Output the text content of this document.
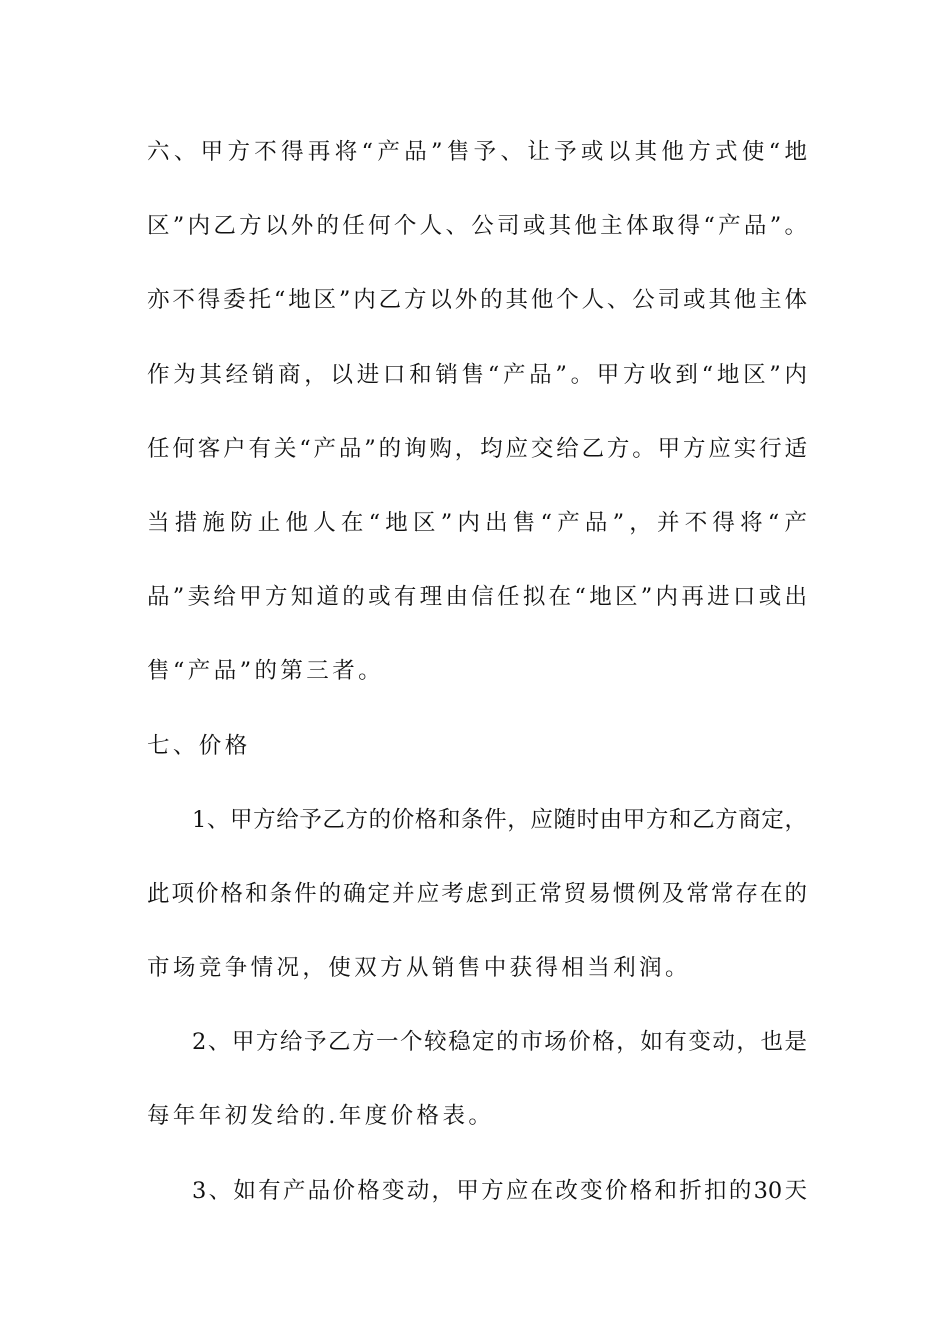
六、甲方不得再将“产品”售予、让予或以其他方式使“地
区”内乙方以外的任何个人、公司或其他主体取得“产品”。
亦不得委托“地区”内乙方以外的其他个人、公司或其他主体
作为其经销商，以进口和销售“产品”。甲方收到“地区”内
任何客户有关“产品”的询购，均应交给乙方。甲方应实行适
当措施防止他人在“地区”内出售“产品”，并不得将“产
品”卖给甲方知道的或有理由信任拟在“地区”内再进口或出
售“产品”的第三者。
七、价格
1、甲方给予乙方的价格和条件，应随时由甲方和乙方商定，
此项价格和条件的确定并应考虑到正常贸易惯例及常常存在的
市场竞争情况，使双方从销售中获得相当利润。
2、甲方给予乙方一个较稳定的市场价格，如有变动，也是
每年年初发给的.年度价格表。
3、如有产品价格变动，甲方应在改变价格和折扣的30天
